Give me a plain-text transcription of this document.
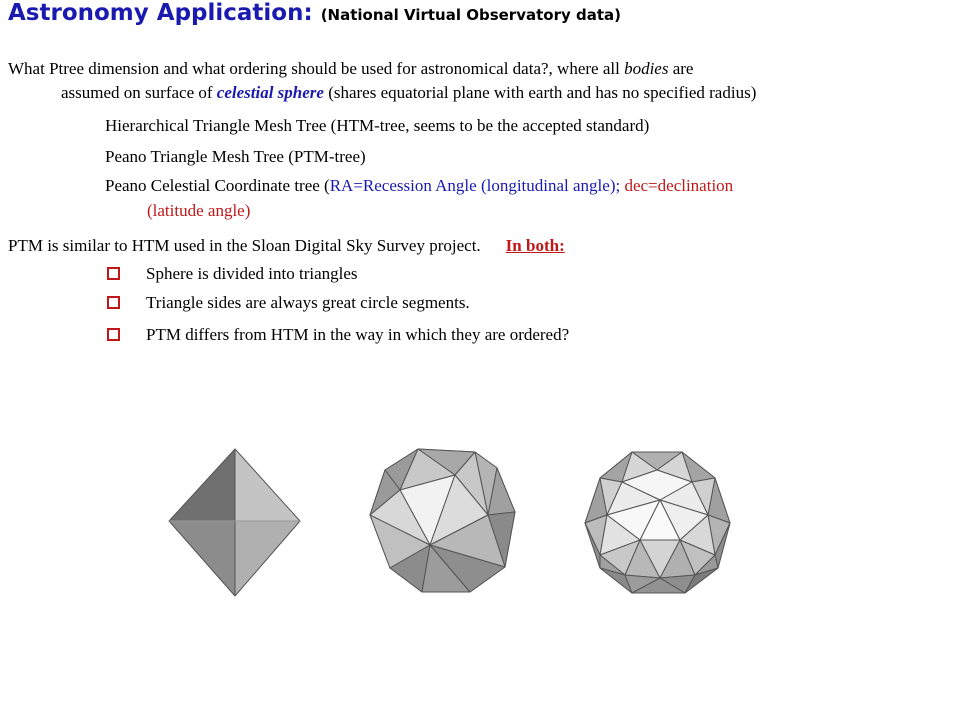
Astronomy Application: (National Virtual Observatory data)

What Ptree dimension and what ordering should be used for astronomical data?, where all bodies are

assumed on surface of celestial sphere (shares equatorial plane with earth and has no specified radius)

Hierarchical Triangle Mesh Tree (HTM-tree, seems to be the accepted standard)

Peano Triangle Mesh Tree (PTM-tree)

Peano Celestial Coordinate tree (RA=Recession Angle (longitudinal angle); dec=declination

(latitude angle)

PTM is similar to HTM used in the Sloan Digital Sky Survey project. In both:

Sphere is divided into triangles

Triangle sides are always great circle segments.

PTM differs from HTM in the way in which they are ordered?
